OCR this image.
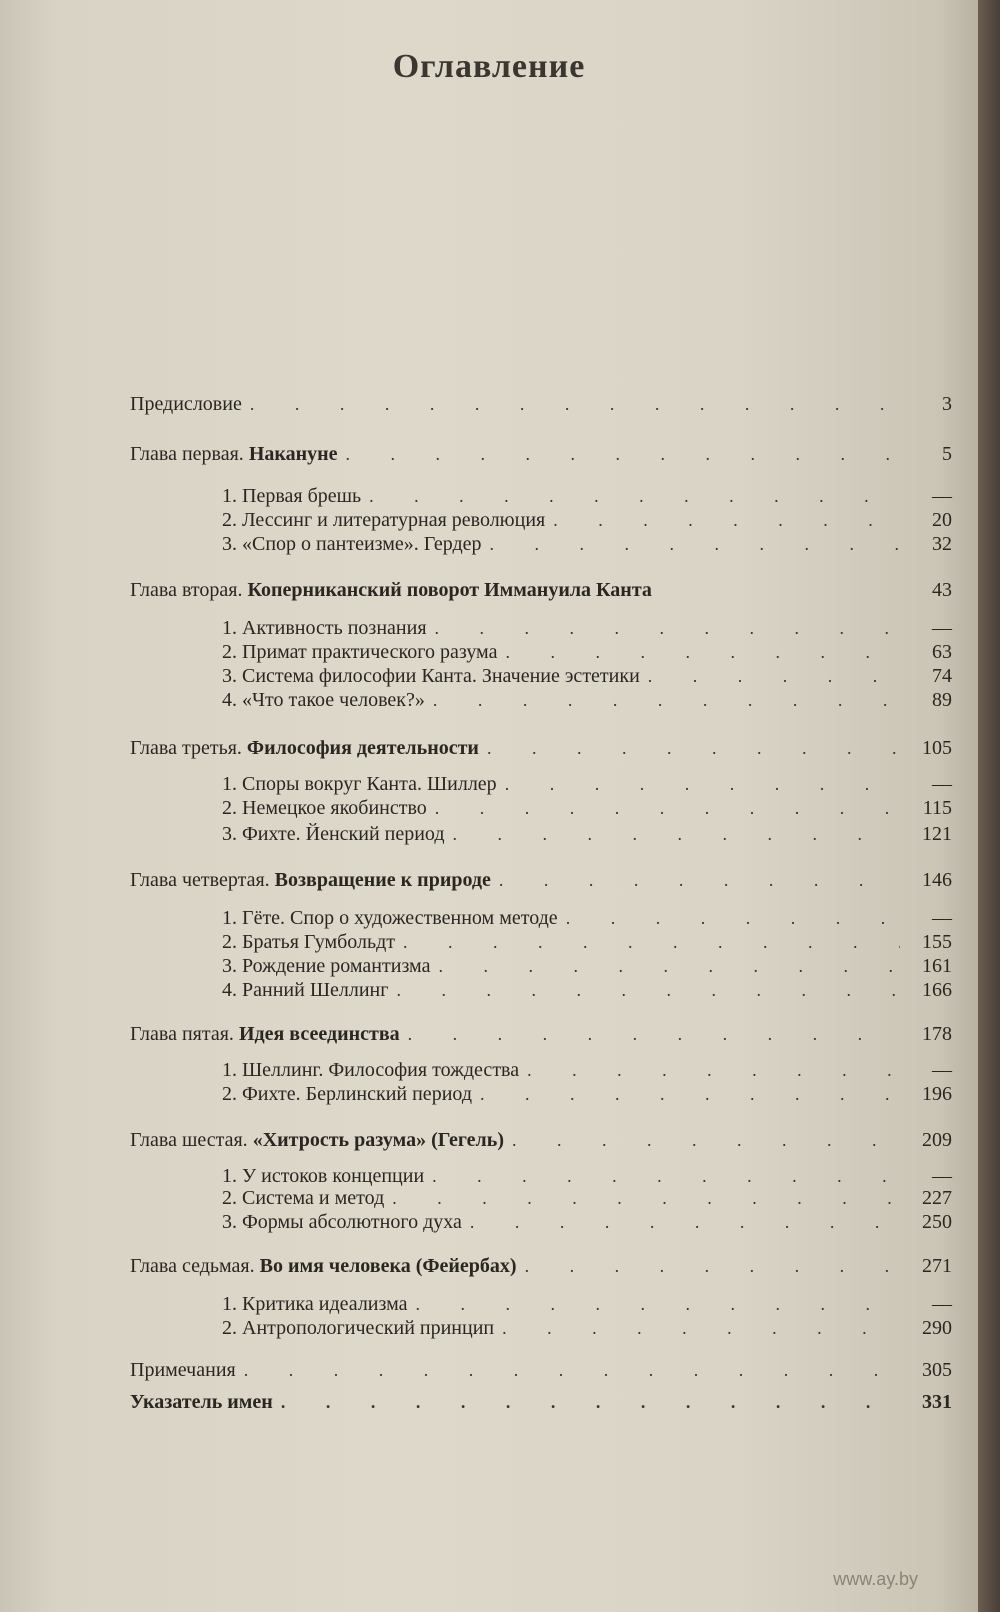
Оглавление
Предисловие . . .	3
Глава первая. Накануне . . .	5
1. Первая брешь . . .	—
2. Лессинг и литературная революция . . .	20
3. «Спор о пантеизме». Гердер . . .	32
Глава вторая. Коперниканский поворот Иммануила Канта	43
1. Активность познания . . .	—
2. Примат практического разума . . .	63
3. Система философии Канта. Значение эстетики . . .	74
4. «Что такое человек?» . . .	89
Глава третья. Философия деятельности . . .	105
1. Споры вокруг Канта. Шиллер . . .	—
2. Немецкое якобинство . . .	115
3. Фихте. Йенский период . . .	121
Глава четвертая. Возвращение к природе . . .	146
1. Гёте. Спор о художественном методе . . .	—
2. Братья Гумбольдт . . .	155
3. Рождение романтизма . . .	161
4. Ранний Шеллинг . . .	166
Глава пятая. Идея всеединства . . .	178
1. Шеллинг. Философия тождества . . .	—
2. Фихте. Берлинский период . . .	196
Глава шестая. «Хитрость разума» (Гегель) . . .	209
1. У истоков концепции . . .	—
2. Система и метод . . .	227
3. Формы абсолютного духа . . .	250
Глава седьмая. Во имя человека (Фейербах) . . .	271
1. Критика идеализма . . .	—
2. Антропологический принцип . . .	290
Примечания . . .	305
Указатель имен . . .	331
www.ay.by
